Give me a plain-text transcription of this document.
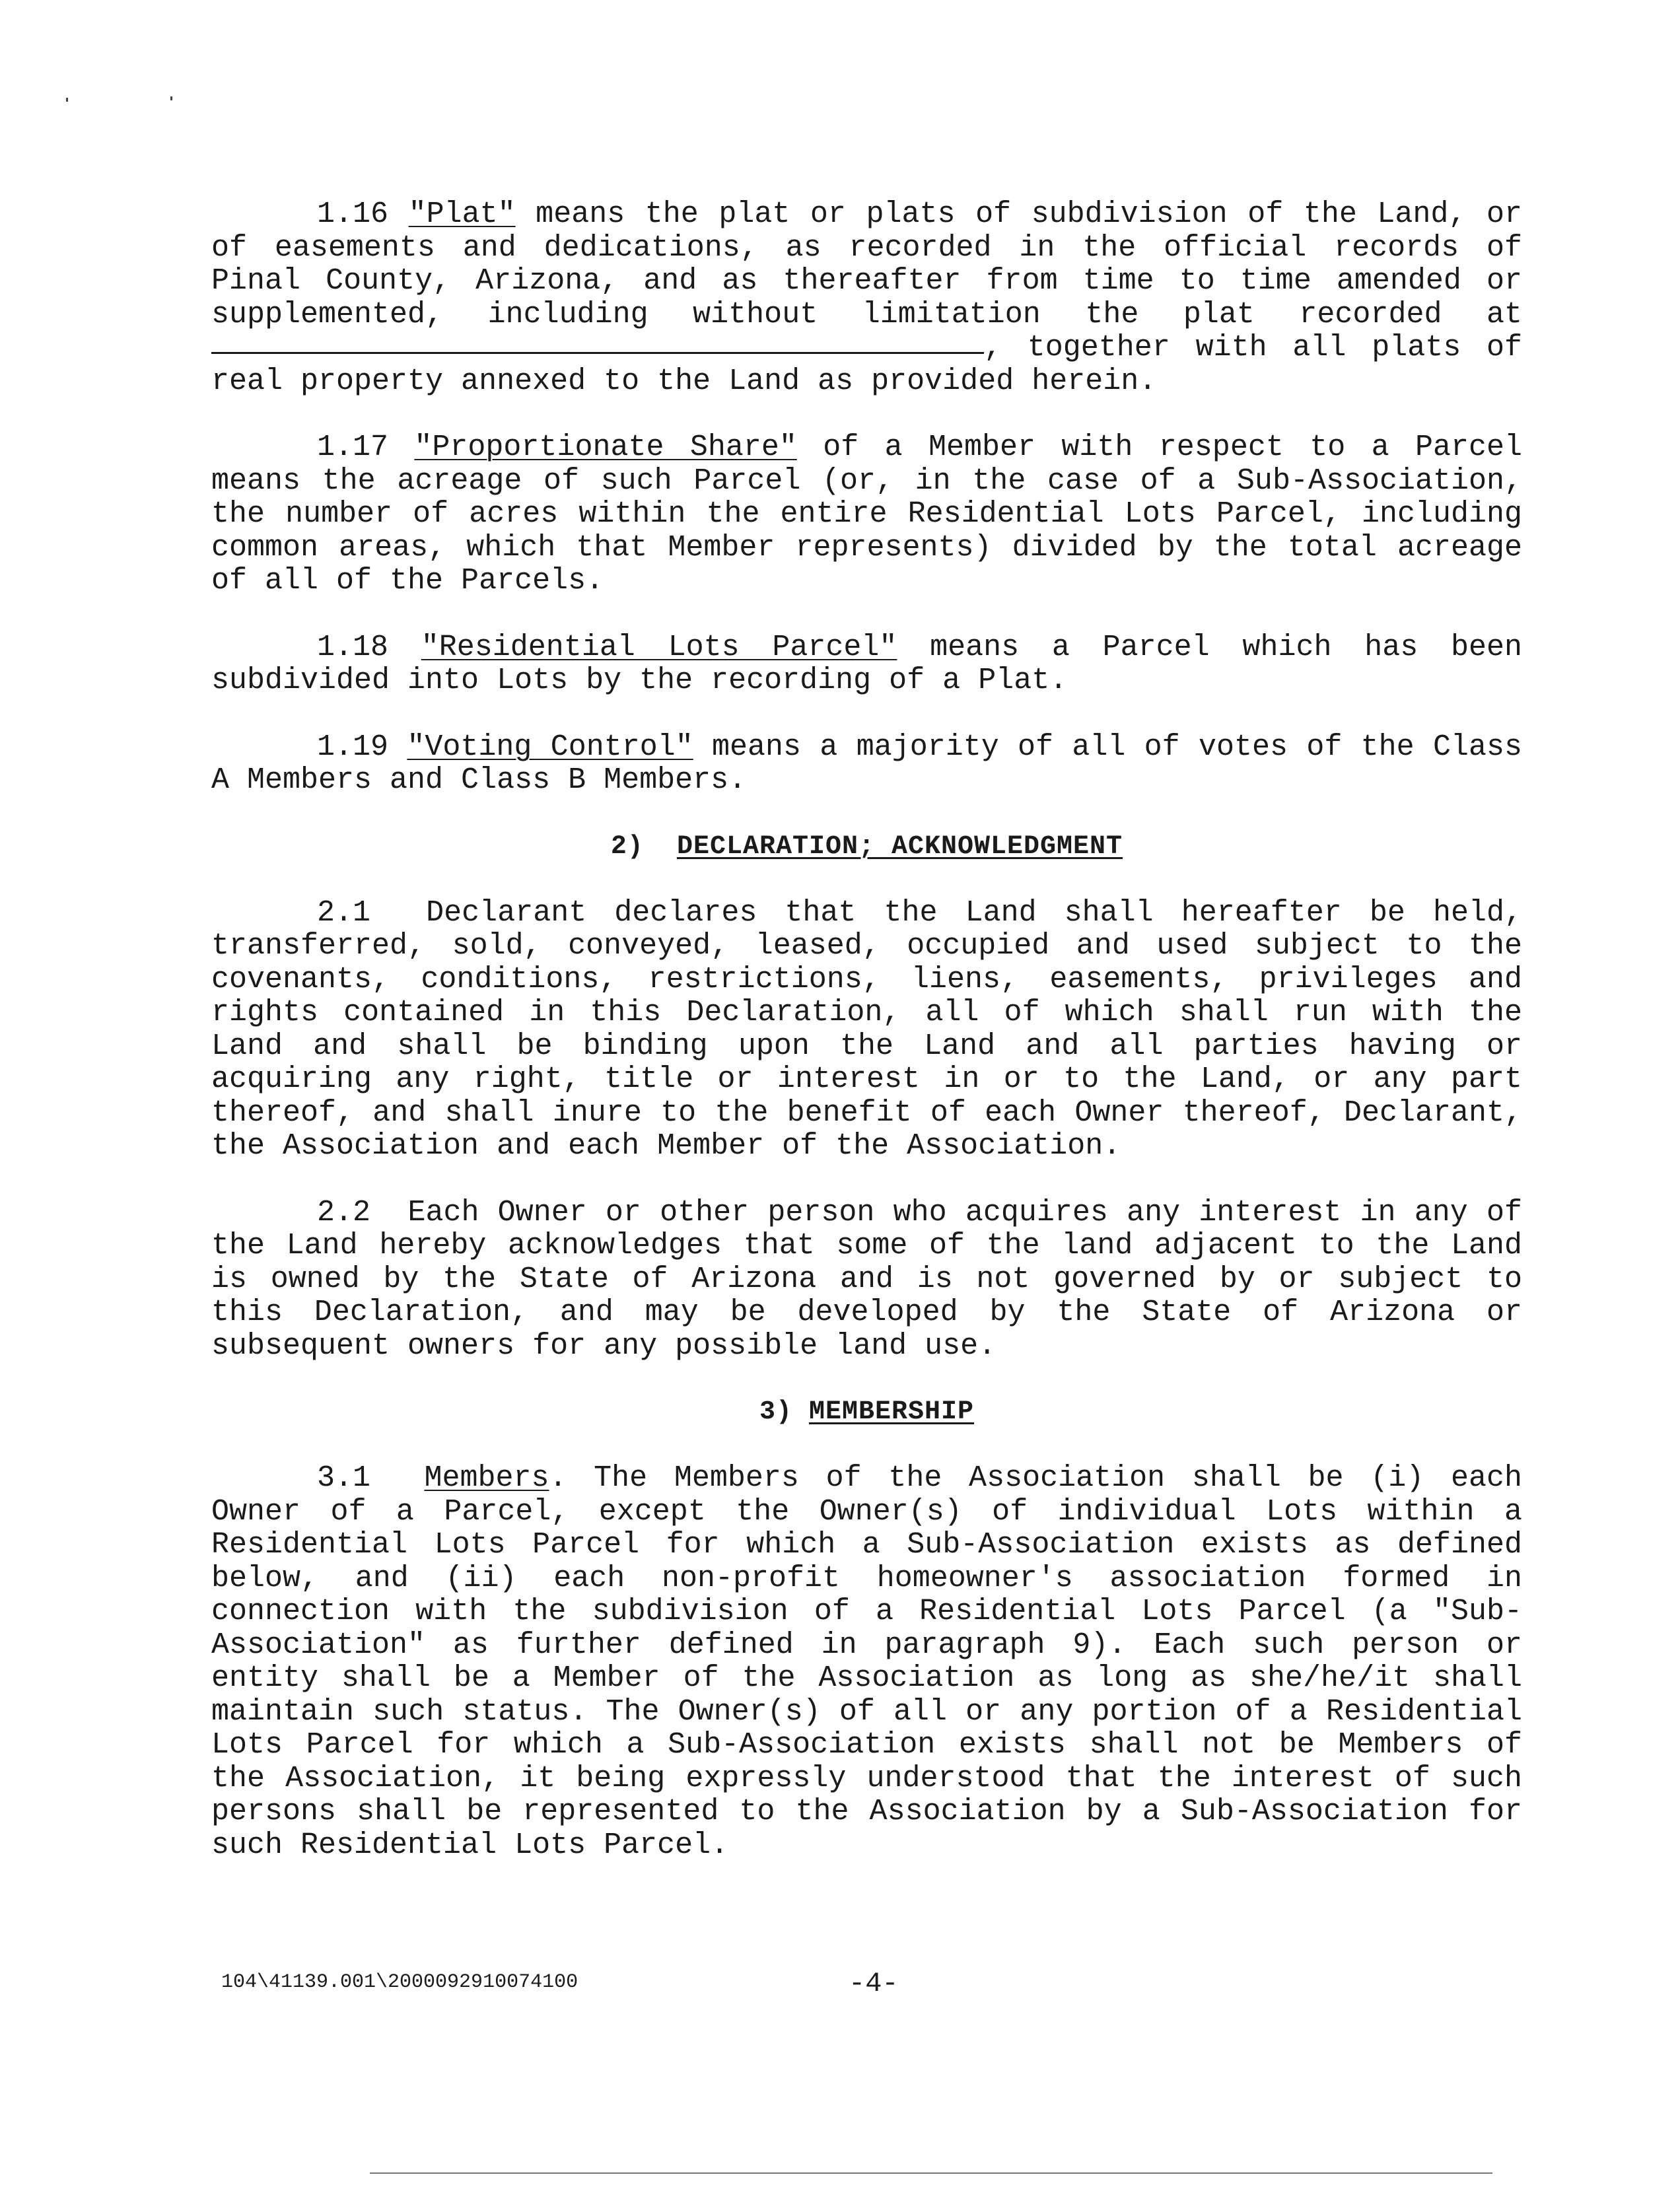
1.16 "Plat" means the plat or plats of subdivision of the Land, or of easements and dedications, as recorded in the official records of Pinal County, Arizona, and as thereafter from time to time amended or supplemented, including without limitation the plat recorded at , together with all plats of real property annexed to the Land as provided herein.

1.17 "Proportionate Share" of a Member with respect to a Parcel means the acreage of such Parcel (or, in the case of a Sub-Association, the number of acres within the entire Residential Lots Parcel, including common areas, which that Member represents) divided by the total acreage of all of the Parcels.

1.18 "Residential Lots Parcel" means a Parcel which has been subdivided into Lots by the recording of a Plat.

1.19 "Voting Control" means a majority of all of votes of the Class A Members and Class B Members.

2) DECLARATION; ACKNOWLEDGMENT

2.1 Declarant declares that the Land shall hereafter be held, transferred, sold, conveyed, leased, occupied and used subject to the covenants, conditions, restrictions, liens, easements, privileges and rights contained in this Declaration, all of which shall run with the Land and shall be binding upon the Land and all parties having or acquiring any right, title or interest in or to the Land, or any part thereof, and shall inure to the benefit of each Owner thereof, Declarant, the Association and each Member of the Association.

2.2 Each Owner or other person who acquires any interest in any of the Land hereby acknowledges that some of the land adjacent to the Land is owned by the State of Arizona and is not governed by or subject to this Declaration, and may be developed by the State of Arizona or subsequent owners for any possible land use.

3) MEMBERSHIP

3.1 Members. The Members of the Association shall be (i) each Owner of a Parcel, except the Owner(s) of individual Lots within a Residential Lots Parcel for which a Sub-Association exists as defined below, and (ii) each non-profit homeowner's association formed in connection with the subdivision of a Residential Lots Parcel (a "Sub-Association" as further defined in paragraph 9). Each such person or entity shall be a Member of the Association as long as she/he/it shall maintain such status. The Owner(s) of all or any portion of a Residential Lots Parcel for which a Sub-Association exists shall not be Members of the Association, it being expressly understood that the interest of such persons shall be represented to the Association by a Sub-Association for such Residential Lots Parcel.

104\41139.001\2000092910074100	-4-
